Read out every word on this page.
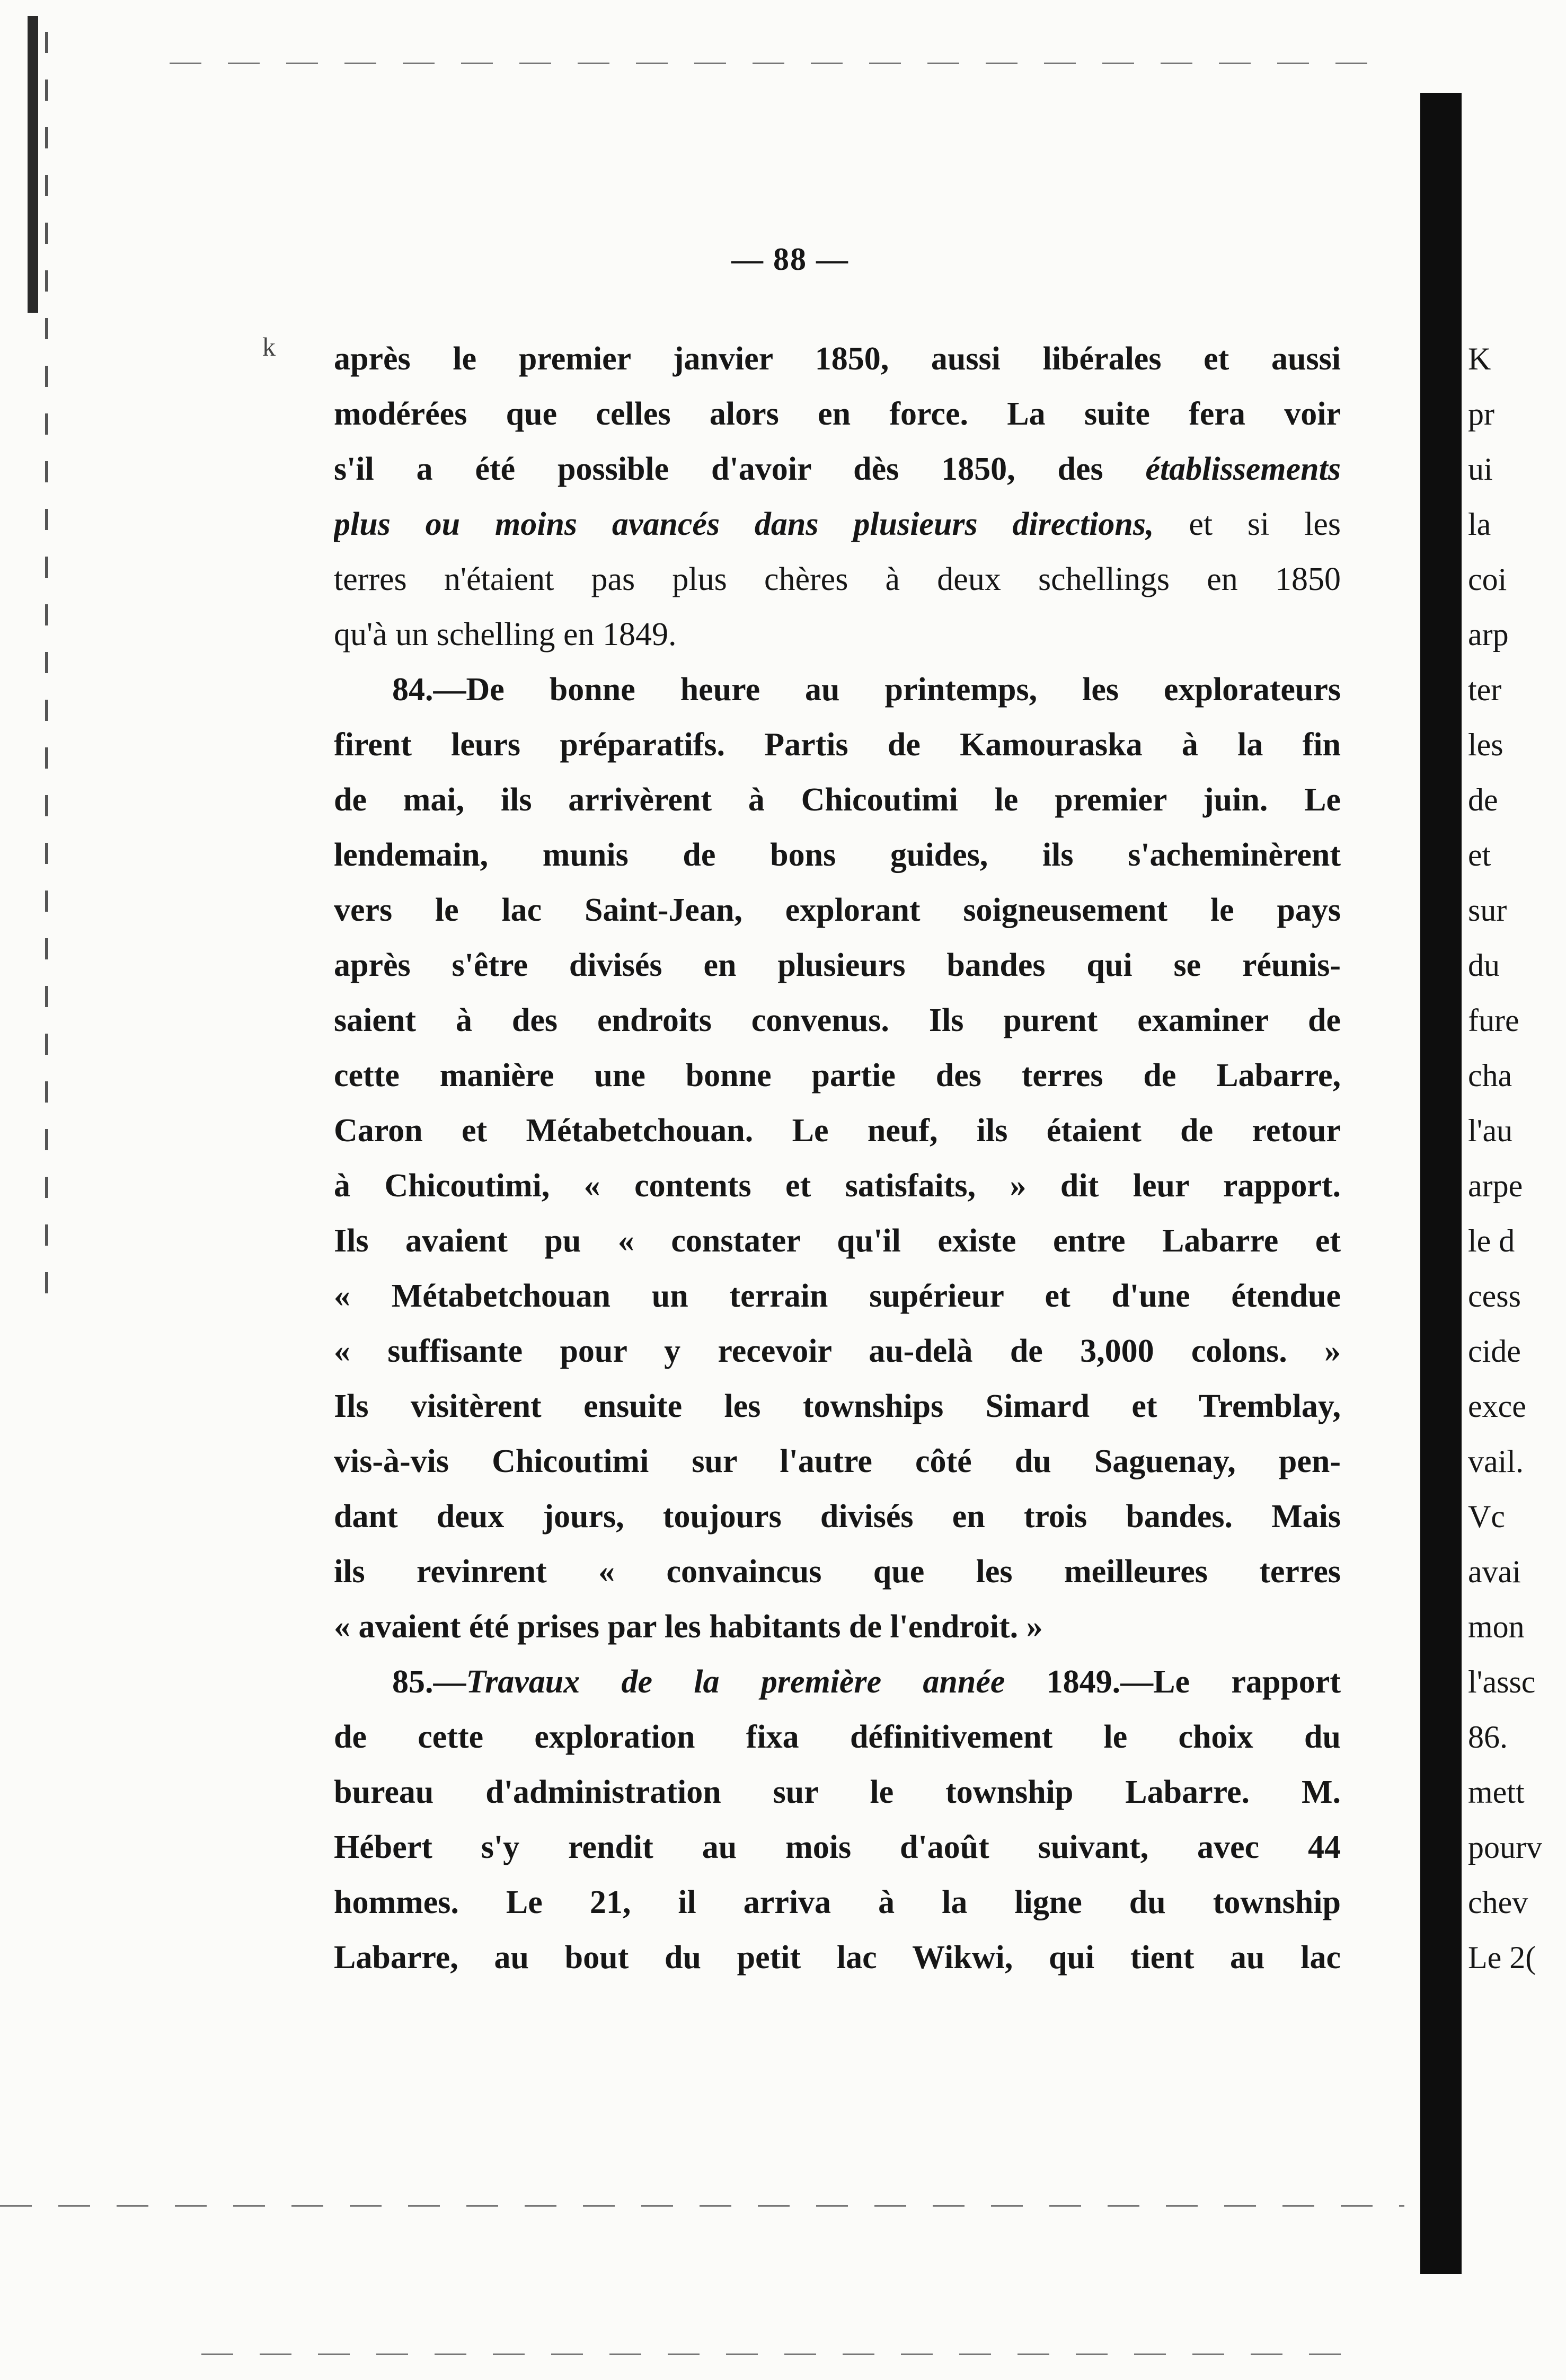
— 88 —
k après le premier janvier 1850, aussi libérales et aussi
modérées que celles alors en force. La suite fera voir
s'il a été possible d'avoir dès 1850, des établissements
plus ou moins avancés dans plusieurs directions, et si les
terres n'étaient pas plus chères à deux schellings en 1850
qu'à un schelling en 1849.
84.—De bonne heure au printemps, les explorateurs
firent leurs préparatifs. Partis de Kamouraska à la fin
de mai, ils arrivèrent à Chicoutimi le premier juin. Le
lendemain, munis de bons guides, ils s'acheminèrent
vers le lac Saint-Jean, explorant soigneusement le pays
après s'être divisés en plusieurs bandes qui se réunis-
saient à des endroits convenus. Ils purent examiner de
cette manière une bonne partie des terres de Labarre,
Caron et Métabetchouan. Le neuf, ils étaient de retour
à Chicoutimi, « contents et satisfaits, » dit leur rapport.
Ils avaient pu « constater qu'il existe entre Labarre et
« Métabetchouan un terrain supérieur et d'une étendue
« suffisante pour y recevoir au-delà de 3,000 colons. »
Ils visitèrent ensuite les townships Simard et Tremblay,
vis-à-vis Chicoutimi sur l'autre côté du Saguenay, pen-
dant deux jours, toujours divisés en trois bandes. Mais
ils revinrent « convaincus que les meilleures terres
« avaient été prises par les habitants de l'endroit. »
85.—Travaux de la première année 1849.—Le rapport
de cette exploration fixa définitivement le choix du
bureau d'administration sur le township Labarre. M.
Hébert s'y rendit au mois d'août suivant, avec 44
hommes. Le 21, il arriva à la ligne du township
Labarre, au bout du petit lac Wikwi, qui tient au lac
K
pr
ui
la
coi
arp
ter
les
de
et
sur
du
fure
cha
l'au
arpe
le d
cess
cide
exce
vail.
Vc
avai
mon
l'assc
86.
mett
pourv
chev
Le 2(
